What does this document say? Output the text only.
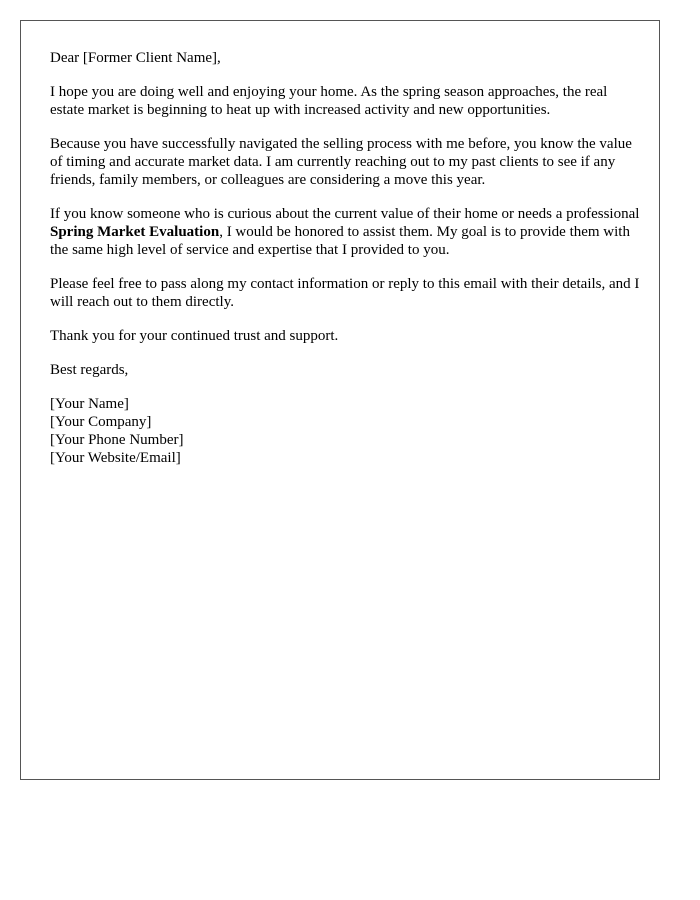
Dear [Former Client Name],

I hope you are doing well and enjoying your home. As the spring season approaches, the real estate market is beginning to heat up with increased activity and new opportunities.

Because you have successfully navigated the selling process with me before, you know the value of timing and accurate market data. I am currently reaching out to my past clients to see if any friends, family members, or colleagues are considering a move this year.

If you know someone who is curious about the current value of their home or needs a professional Spring Market Evaluation, I would be honored to assist them. My goal is to provide them with the same high level of service and expertise that I provided to you.

Please feel free to pass along my contact information or reply to this email with their details, and I will reach out to them directly.

Thank you for your continued trust and support.

Best regards,

[Your Name]
[Your Company]
[Your Phone Number]
[Your Website/Email]
